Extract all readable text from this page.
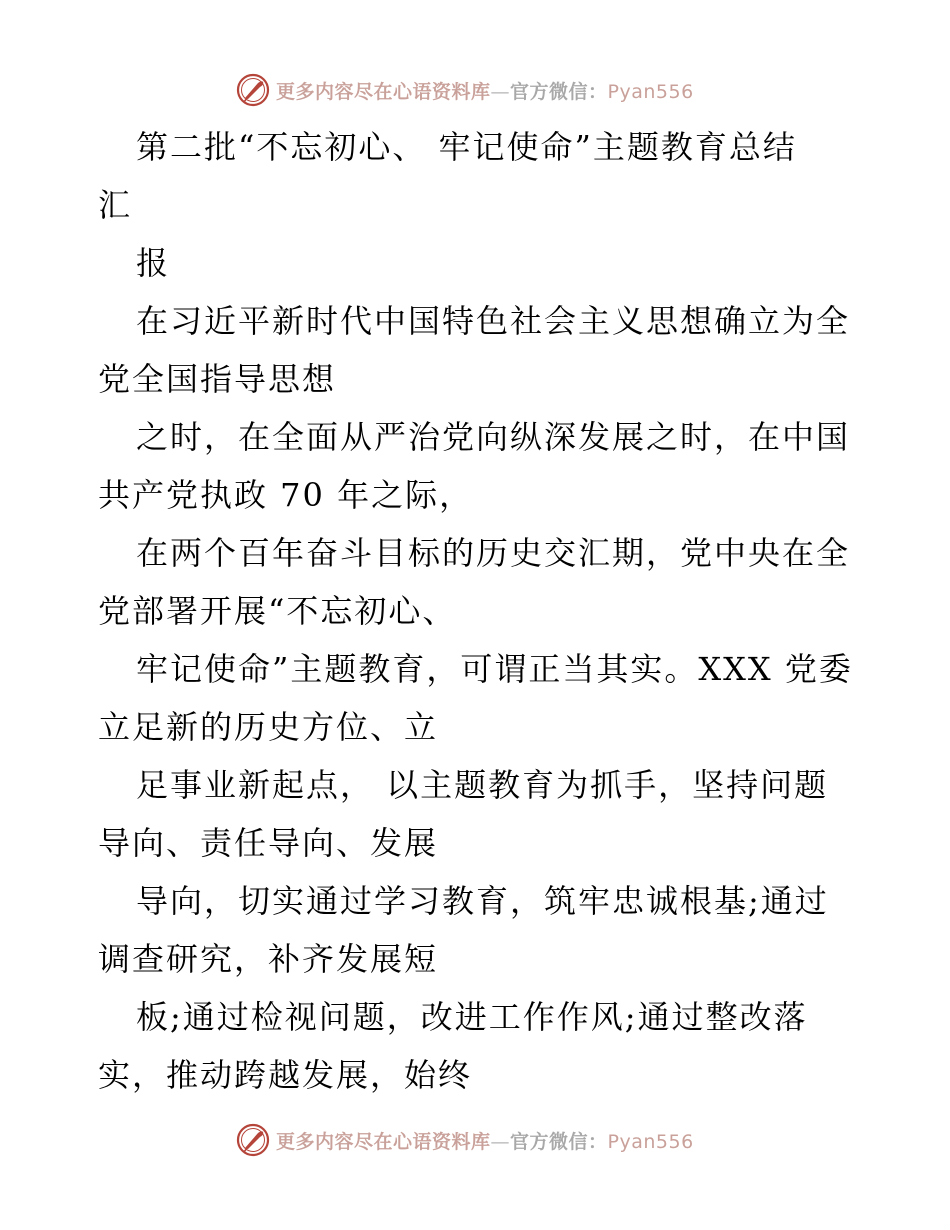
更多内容尽在心语资料库—官方微信：Pyan556
第二批“不忘初心、 牢记使命”主题教育总结
汇
报
在习近平新时代中国特色社会主义思想确立为全
党全国指导思想
之时，在全面从严治党向纵深发展之时，在中国
共产党执政 70 年之际，
在两个百年奋斗目标的历史交汇期，党中央在全
党部署开展“不忘初心、
牢记使命”主题教育，可谓正当其实。XXX 党委
立足新的历史方位、立
足事业新起点， 以主题教育为抓手，坚持问题
导向、责任导向、发展
导向，切实通过学习教育，筑牢忠诚根基;通过
调查研究，补齐发展短
板;通过检视问题，改进工作作风;通过整改落
实，推动跨越发展，始终
更多内容尽在心语资料库—官方微信：Pyan556
